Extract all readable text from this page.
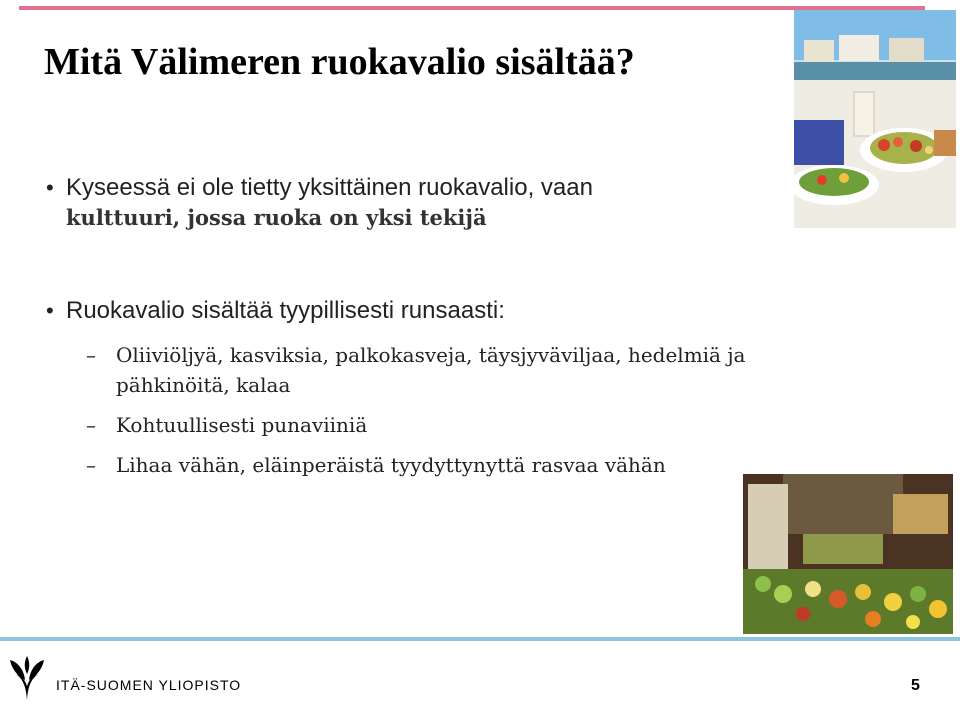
Mitä Välimeren ruokavalio sisältää?
• Kyseessä ei ole tietty yksittäinen ruokavalio, vaan
kulttuuri, jossa ruoka on yksi tekijä
• Ruokavalio sisältää tyypillisesti runsaasti:
– Oliiviöljyä, kasviksia, palkokasveja, täysjyväviljaa, hedelmiä ja
pähkinöitä, kalaa
– Kohtuullisesti punaviiniä
– Lihaa vähän, eläinperäistä tyydyttynyttä rasvaa vähän
ITÄ-SUOMEN YLIOPISTO	5
